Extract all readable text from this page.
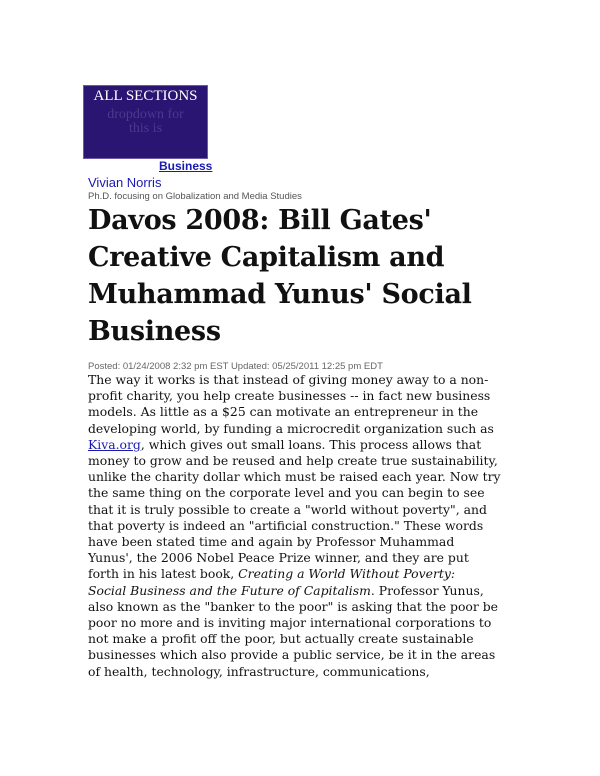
ALL SECTIONS
dropdown for
this is
Business
Vivian Norris
Ph.D. focusing on Globalization and Media Studies
Davos 2008: Bill Gates'
Creative Capitalism and
Muhammad Yunus' Social
Business
Posted: 01/24/2008 2:32 pm EST Updated: 05/25/2011 12:25 pm EDT
The way it works is that instead of giving money away to a non-
profit charity, you help create businesses -- in fact new business
models. As little as a $25 can motivate an entrepreneur in the
developing world, by funding a microcredit organization such as
Kiva.org, which gives out small loans. This process allows that
money to grow and be reused and help create true sustainability,
unlike the charity dollar which must be raised each year. Now try
the same thing on the corporate level and you can begin to see
that it is truly possible to create a "world without poverty", and
that poverty is indeed an "artificial construction." These words
have been stated time and again by Professor Muhammad
Yunus', the 2006 Nobel Peace Prize winner, and they are put
forth in his latest book, Creating a World Without Poverty:
Social Business and the Future of Capitalism. Professor Yunus,
also known as the "banker to the poor" is asking that the poor be
poor no more and is inviting major international corporations to
not make a profit off the poor, but actually create sustainable
businesses which also provide a public service, be it in the areas
of health, technology, infrastructure, communications,
